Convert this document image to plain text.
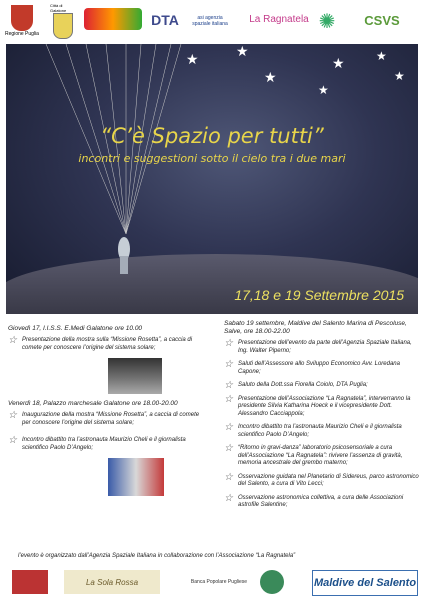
Regione Puglia
Città di Galatone
DTA	asi agenzia spaziale italiana	La Ragnatela ✺	CSVS
★	★
★
★
★
★
★
“C’è Spazio per tutti”
incontri e suggestioni sotto il cielo tra i due mari
17,18 e 19 Settembre 2015
Giovedì 17, I.I.S.S. E.Medi Galatone ore 10.00
☆ Presentazione della mostra sulla “Missione Rosetta”, a caccia di comete per conoscere l’origine del sistema solare;
Venerdì 18, Palazzo marchesale Galatone ore 18.00-20.00
☆ Inaugurazione della mostra “Missione Rosetta”, a caccia di comete per conoscere l’origine del sistema solare;
☆ Incontro dibattito tra l’astronauta Maurizio Cheli e il giornalista scientifico Paolo D’Angelo;
Sabato 19 settembre, Maldive del Salento Marina di Pescoluse, Salve, ore 18.00-22.00
☆ Presentazione dell’evento da parte dell’Agenzia Spaziale Italiana, Ing. Walter Piperno;
☆ Saluti dell’Assessore allo Sviluppo Economico Avv. Loredana Capone;
☆ Saluto della Dott.ssa Fiorella Coiolo, DTA Puglia;
☆ Presentazione dell’Associazione “La Ragnatela”, interverranno la presidente Silvia Katharina Hoeck e il vicepresidente Dott. Alessandro Cacciappola;
☆ Incontro dibattito tra l’astronauta Maurizio Cheli e il giornalista scientifico Paolo D’Angelo;
☆ “Ritorno in gravi-danza” laboratorio psicosensoriale a cura dell’Associazione “La Ragnatela”: rivivere l’assenza di gravità, memoria ancestrale del grembo materno;
☆ Osservazione guidata nel Planetario di Sidereus, parco astronomico del Salento, a cura di Vito Lecci;
☆ Osservazione astronomica collettiva, a cura delle Associazioni astrofile Salentine;
l’evento è organizzato dall’Agenzia Spaziale Italiana in collaborazione con l’Associazione “La Ragnatela”
La Sola Rossa	Banca Popolare Pugliese	Maldive del Salento
